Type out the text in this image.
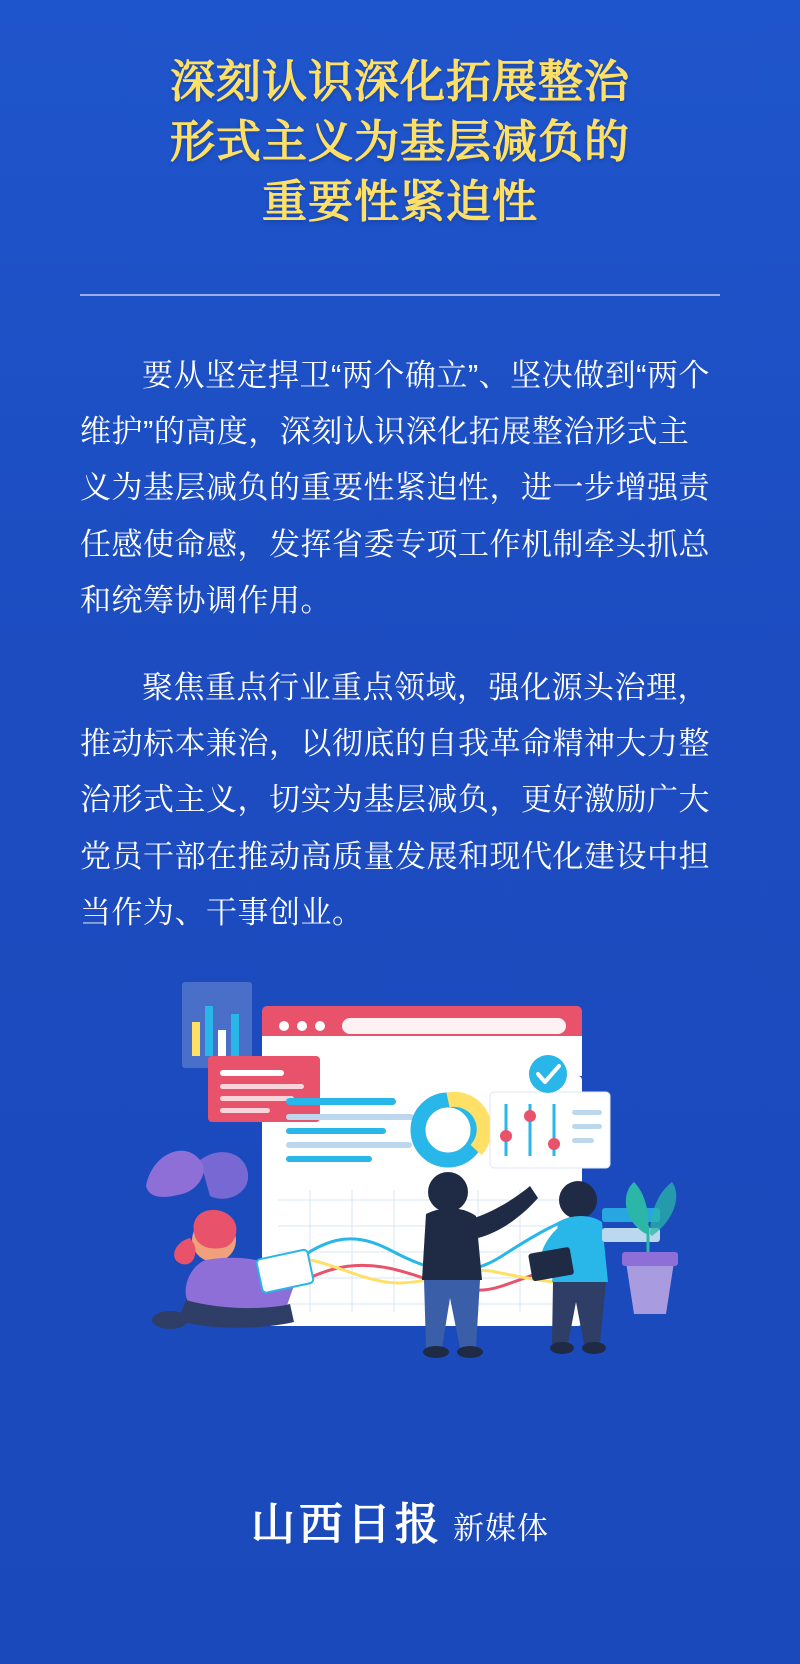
深刻认识深化拓展整治
形式主义为基层减负的
重要性紧迫性

要从坚定捍卫“两个确立”、坚决做到“两个维护”的高度，深刻认识深化拓展整治形式主义为基层减负的重要性紧迫性，进一步增强责任感使命感，发挥省委专项工作机制牵头抓总和统筹协调作用。

聚焦重点行业重点领域，强化源头治理，推动标本兼治，以彻底的自我革命精神大力整治形式主义，切实为基层减负，更好激励广大党员干部在推动高质量发展和现代化建设中担当作为、干事创业。

山西日报 新媒体
